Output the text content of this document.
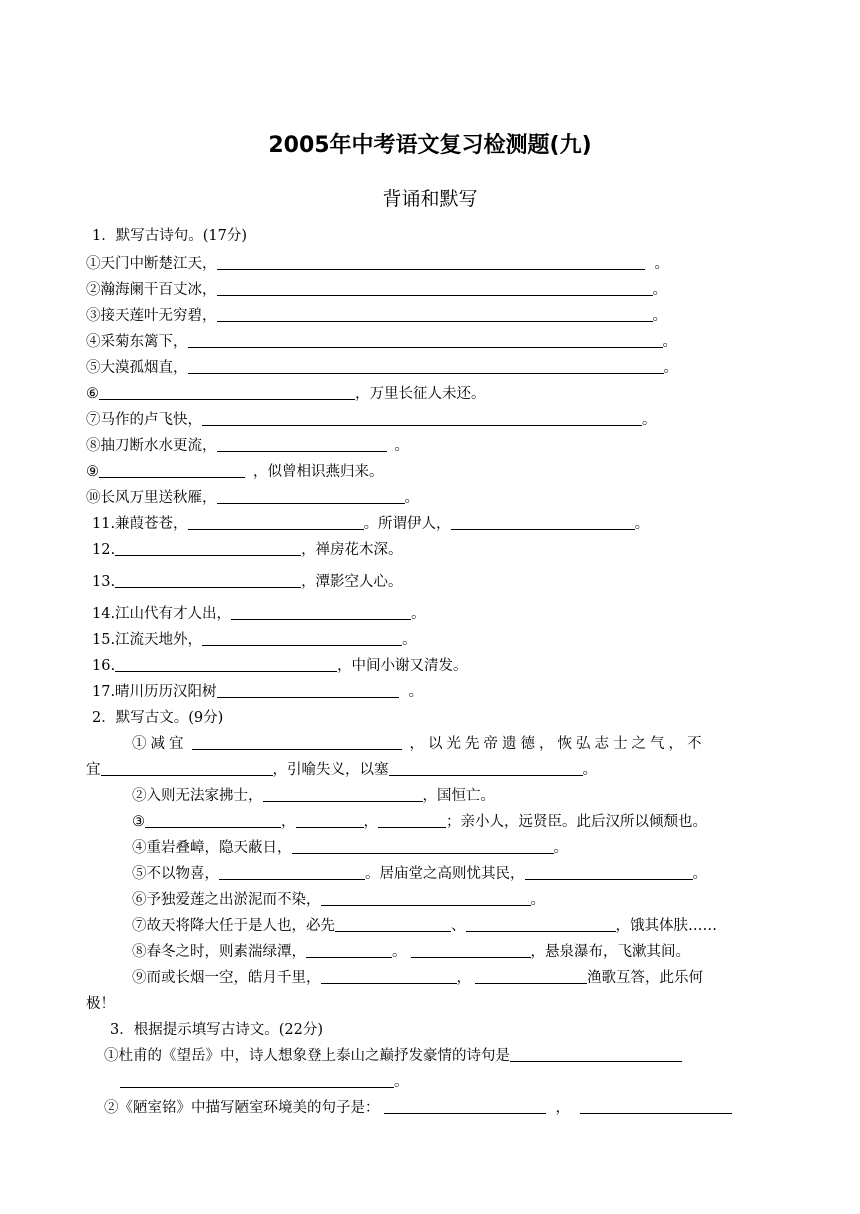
2005年中考语文复习检测题(九)
背诵和默写
1．默写古诗句。(17分)
①天门中断楚江天，	。
②瀚海阑干百丈冰，	。
③接天莲叶无穷碧，	。
④采菊东篱下，	。
⑤大漠孤烟直，	。
⑥	，万里长征人未还。
⑦马作的卢飞快，	。
⑧抽刀断水水更流，	。
⑨	，似曾相识燕归来。
⑩长风万里送秋雁，	。
11.兼葭苍苍，	。所谓伊人，	。
12.	，禅房花木深。
13.	，潭影空人心。
14.江山代有才人出，	。
15.江流天地外，	。
16.	，中间小谢又清发。
17.晴川历历汉阳树	。
2．默写古文。(9分)
①减宜	，以光先帝遗德，恢弘志士之气，不
宜	，引喻失义，以塞	。
②入则无法家拂士，	，国恒亡。
③	，	，	；亲小人，远贤臣。此后汉所以倾颓也。
④重岩叠嶂，隐天蔽日，	。
⑤不以物喜，	。居庙堂之高则忧其民，	。
⑥予独爱莲之出淤泥而不染，	。
⑦故天将降大任于是人也，必先	、	，饿其体肤……
⑧春冬之时，则素湍绿潭，	。	，悬泉瀑布，飞漱其间。
⑨而或长烟一空，皓月千里，	，	渔歌互答，此乐何
极！
3．根据提示填写古诗文。(22分)
①杜甫的《望岳》中，诗人想象登上泰山之巅抒发豪情的诗句是
。
②《陋室铭》中描写陋室环境美的句子是：	，
